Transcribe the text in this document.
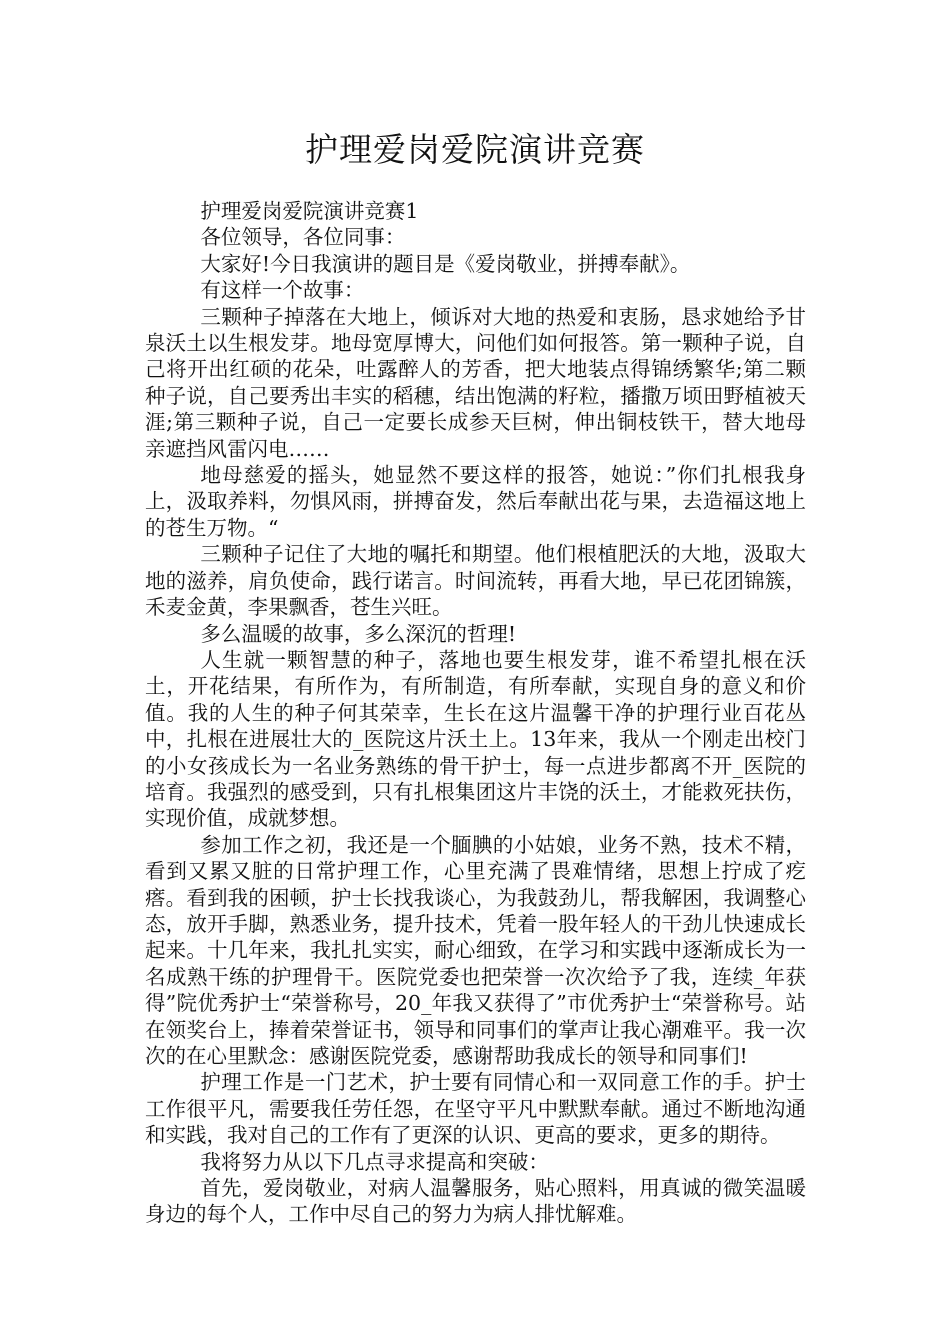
护理爱岗爱院演讲竞赛

护理爱岗爱院演讲竞赛1

各位领导，各位同事：

大家好!今日我演讲的题目是《爱岗敬业，拼搏奉献》。

有这样一个故事：

三颗种子掉落在大地上，倾诉对大地的热爱和衷肠，恳求她给予甘泉沃土以生根发芽。地母宽厚博大，问他们如何报答。第一颗种子说，自己将开出红硕的花朵，吐露醉人的芳香，把大地装点得锦绣繁华;第二颗种子说，自己要秀出丰实的稻穗，结出饱满的籽粒，播撒万顷田野植被天涯;第三颗种子说，自己一定要长成参天巨树，伸出铜枝铁干，替大地母亲遮挡风雷闪电……

地母慈爱的摇头，她显然不要这样的报答，她说：”你们扎根我身上，汲取养料，勿惧风雨，拼搏奋发，然后奉献出花与果，去造福这地上的苍生万物。“

三颗种子记住了大地的嘱托和期望。他们根植肥沃的大地，汲取大地的滋养，肩负使命，践行诺言。时间流转，再看大地，早已花团锦簇，禾麦金黄，李果飘香，苍生兴旺。

多么温暖的故事，多么深沉的哲理!

人生就一颗智慧的种子，落地也要生根发芽，谁不希望扎根在沃土，开花结果，有所作为，有所制造，有所奉献，实现自身的意义和价值。我的人生的种子何其荣幸，生长在这片温馨干净的护理行业百花丛中，扎根在进展壮大的_医院这片沃土上。13年来，我从一个刚走出校门的小女孩成长为一名业务熟练的骨干护士，每一点进步都离不开_医院的培育。我强烈的感受到，只有扎根集团这片丰饶的沃土，才能救死扶伤，实现价值，成就梦想。

参加工作之初，我还是一个腼腆的小姑娘，业务不熟，技术不精，看到又累又脏的日常护理工作，心里充满了畏难情绪，思想上拧成了疙瘩。看到我的困顿，护士长找我谈心，为我鼓劲儿，帮我解困，我调整心态，放开手脚，熟悉业务，提升技术，凭着一股年轻人的干劲儿快速成长起来。十几年来，我扎扎实实，耐心细致，在学习和实践中逐渐成长为一名成熟干练的护理骨干。医院党委也把荣誉一次次给予了我，连续_年获得”院优秀护士“荣誉称号，20_年我又获得了”市优秀护士“荣誉称号。站在领奖台上，捧着荣誉证书，领导和同事们的掌声让我心潮难平。我一次次的在心里默念：感谢医院党委，感谢帮助我成长的领导和同事们!

护理工作是一门艺术，护士要有同情心和一双同意工作的手。护士工作很平凡，需要我任劳任怨，在坚守平凡中默默奉献。通过不断地沟通和实践，我对自己的工作有了更深的认识、更高的要求，更多的期待。

我将努力从以下几点寻求提高和突破：

首先，爱岗敬业，对病人温馨服务，贴心照料，用真诚的微笑温暖身边的每个人，工作中尽自己的努力为病人排忧解难。
